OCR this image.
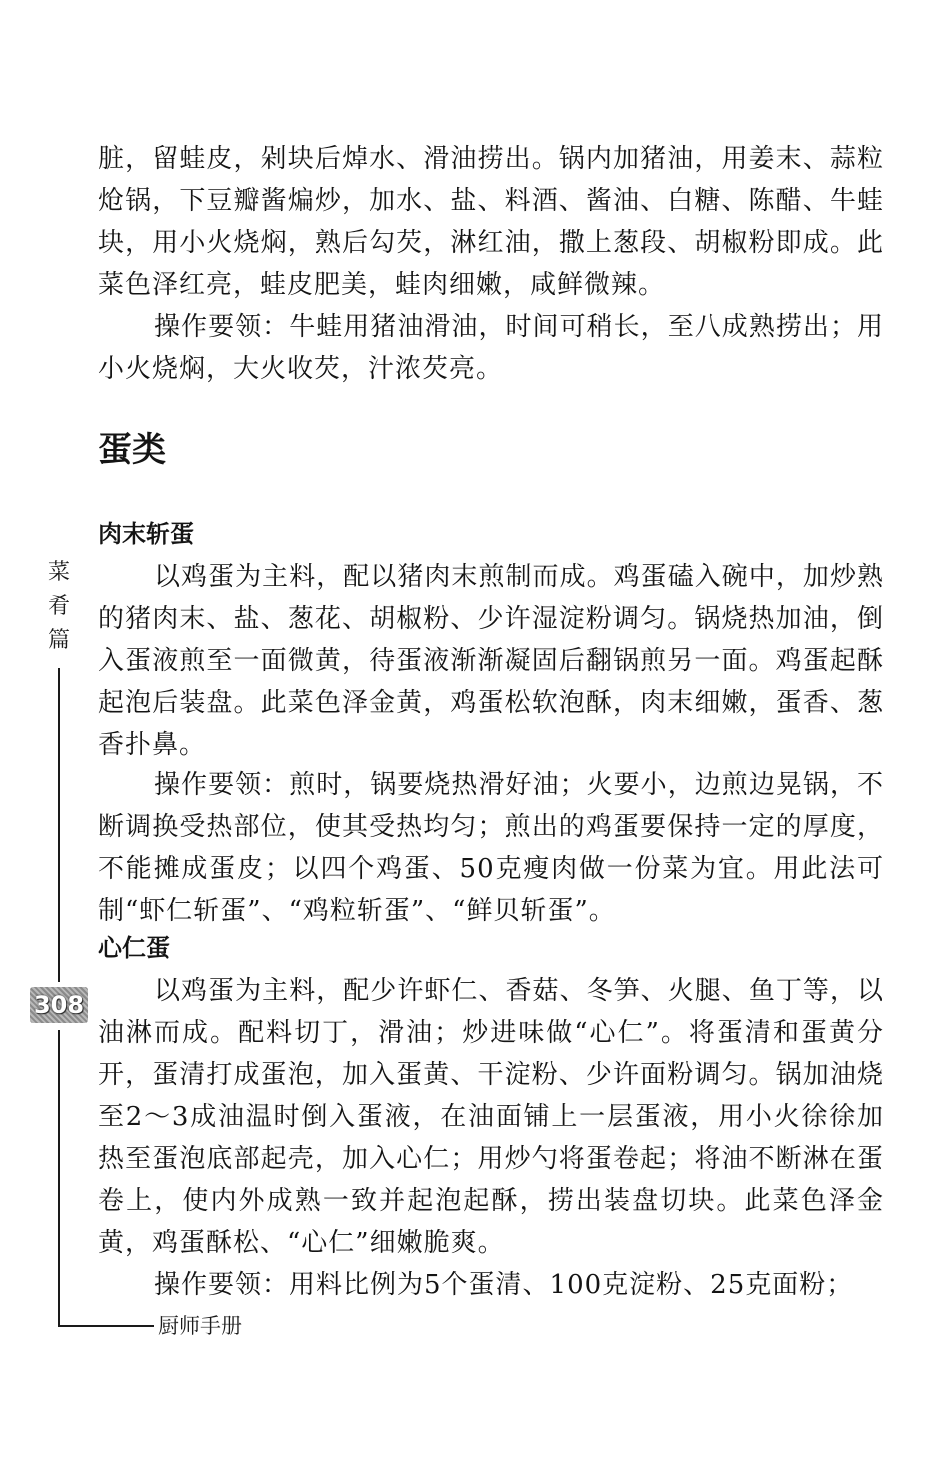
脏，留蛙皮，剁块后焯水、滑油捞出。锅内加猪油，用姜末、蒜粒炝锅，下豆瓣酱煸炒，加水、盐、料酒、酱油、白糖、陈醋、牛蛙块，用小火烧焖，熟后勾芡，淋红油，撒上葱段、胡椒粉即成。此菜色泽红亮，蛙皮肥美，蛙肉细嫩，咸鲜微辣。

操作要领：牛蛙用猪油滑油，时间可稍长，至八成熟捞出；用小火烧焖，大火收芡，汁浓芡亮。

蛋类
肉末斩蛋

以鸡蛋为主料，配以猪肉末煎制而成。鸡蛋磕入碗中，加炒熟的猪肉末、盐、葱花、胡椒粉、少许湿淀粉调匀。锅烧热加油，倒入蛋液煎至一面微黄，待蛋液渐渐凝固后翻锅煎另一面。鸡蛋起酥起泡后装盘。此菜色泽金黄，鸡蛋松软泡酥，肉末细嫩，蛋香、葱香扑鼻。

操作要领：煎时，锅要烧热滑好油；火要小，边煎边晃锅，不断调换受热部位，使其受热均匀；煎出的鸡蛋要保持一定的厚度，不能摊成蛋皮；以四个鸡蛋、50克瘦肉做一份菜为宜。用此法可制“虾仁斩蛋”、“鸡粒斩蛋”、“鲜贝斩蛋”。

心仁蛋

以鸡蛋为主料，配少许虾仁、香菇、冬笋、火腿、鱼丁等，以油淋而成。配料切丁，滑油；炒进味做“心仁”。将蛋清和蛋黄分开，蛋清打成蛋泡，加入蛋黄、干淀粉、少许面粉调匀。锅加油烧至2～3成油温时倒入蛋液，在油面铺上一层蛋液，用小火徐徐加热至蛋泡底部起壳，加入心仁；用炒勺将蛋卷起；将油不断淋在蛋卷上，使内外成熟一致并起泡起酥，捞出装盘切块。此菜色泽金黄，鸡蛋酥松、“心仁”细嫩脆爽。

操作要领：用料比例为5个蛋清、100克淀粉、25克面粉；

菜
肴
篇
308
厨师手册
